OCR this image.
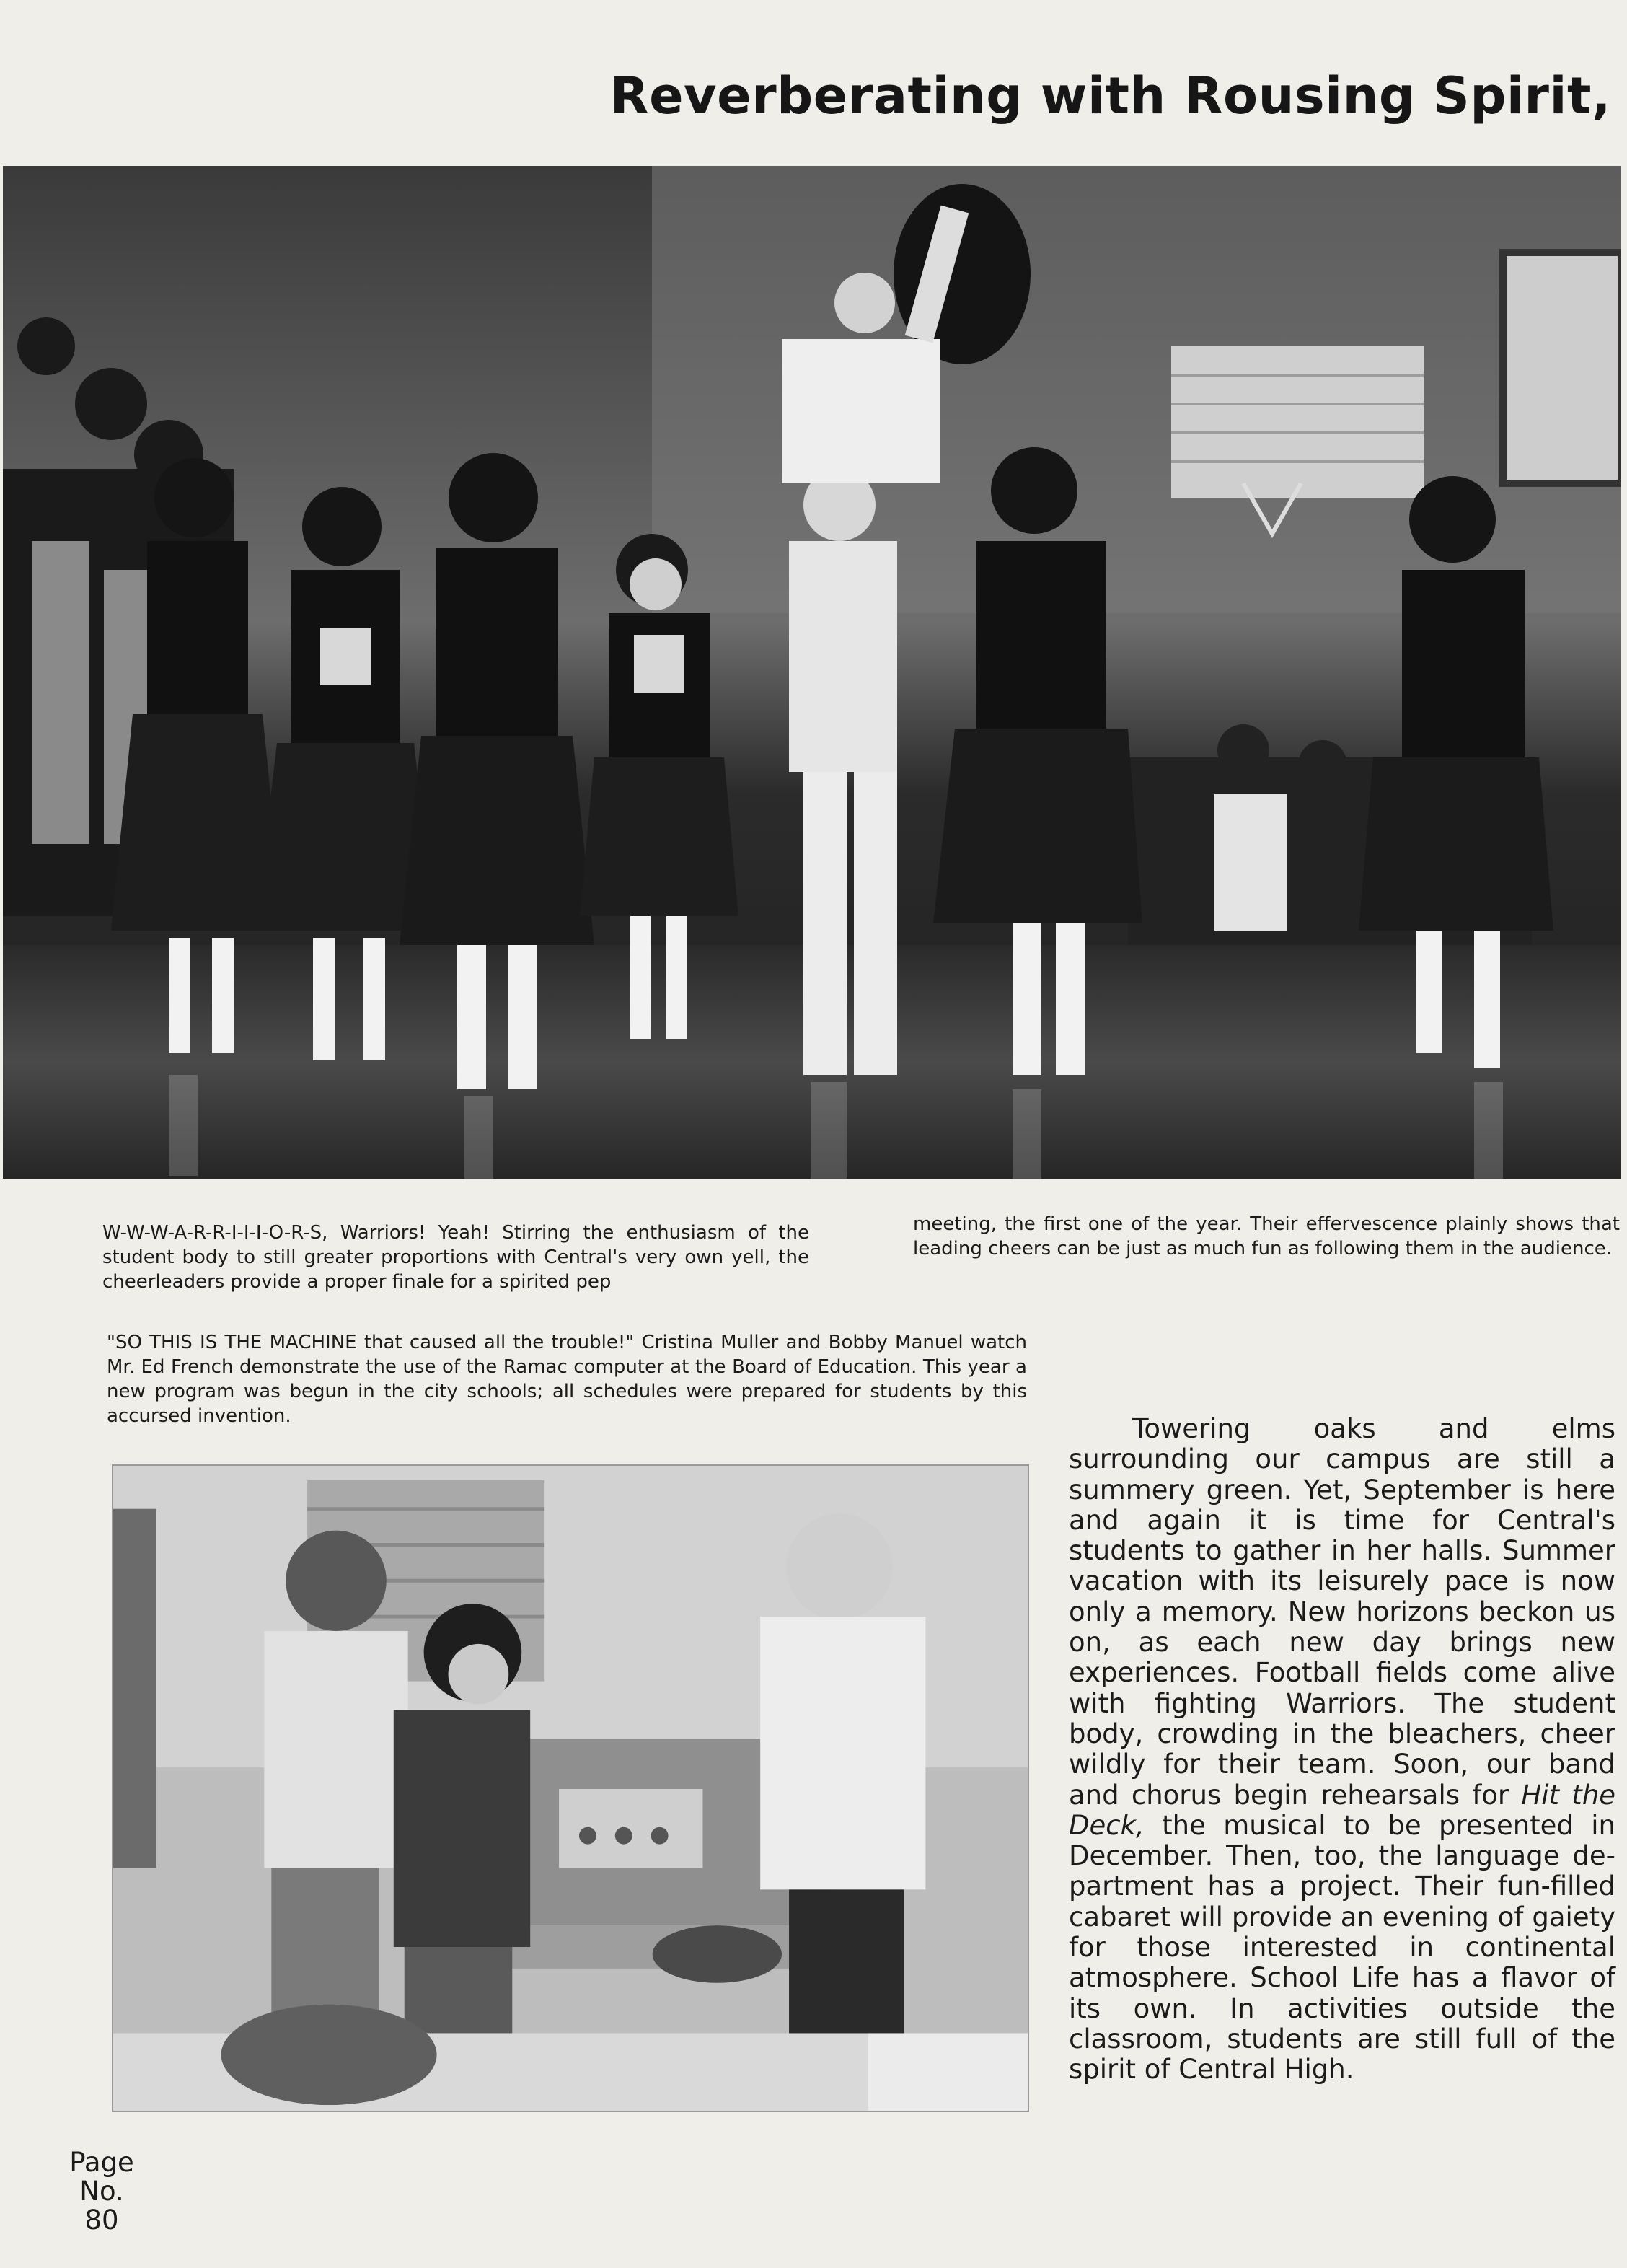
Reverberating with Rousing Spirit,

W-W-W-A-R-R-I-I-I-O-R-S, Warriors! Yeah! Stirring the enthusiasm of the student body to still greater proportions with Central's very own yell, the cheerleaders provide a proper finale for a spirited pep

meeting, the first one of the year. Their effervescence plainly shows that leading cheers can be just as much fun as following them in the audience.

"SO THIS IS THE MACHINE that caused all the trouble!" Cristina Muller and Bobby Manuel watch Mr. Ed French demonstrate the use of the Ramac computer at the Board of Education. This year a new program was begun in the city schools; all schedules were prepared for students by this accursed invention.	Towering oaks and elms surrounding our campus are still a summery green. Yet, September is here and again it is time for Central's students to gather in her halls. Summer vacation with its leisurely pace is now only a memory. New horizons beckon us on, as each new day brings new experiences. Football fields come alive with fighting Warriors. The student body, crowding in the bleachers, cheer wildly for their team. Soon, our band and chorus begin rehearsals for Hit the Deck, the musical to be presented in December. Then, too, the language department has a project. Their fun-filled cabaret will provide an evening of gaiety for those interested in continental atmosphere. School Life has a flavor of its own. In activities outside the classroom, students are still full of the spirit of Central High.

Page
No.
80
